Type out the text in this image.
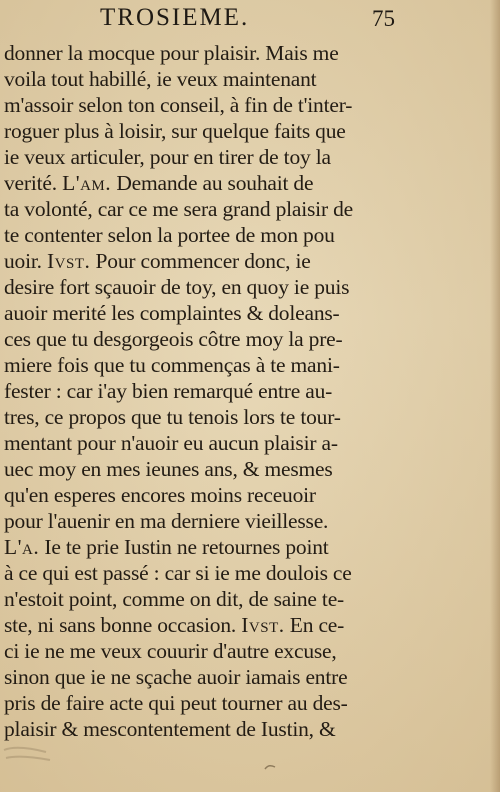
TROSIEME.	75
donner la mocque pour plaisir. Mais me
voila tout habillé, ie veux maintenant
m'assoir selon ton conseil, à fin de t'inter-
roguer plus à loisir, sur quelque faits que
ie veux articuler, pour en tirer de toy la
verité. L'am. Demande au souhait de
ta volonté, car ce me sera grand plaisir de
te contenter selon la portee de mon pou
uoir. Ivst. Pour commencer donc, ie
desire fort sçauoir de toy, en quoy ie puis
auoir merité les complaintes & doleans-
ces que tu desgorgeois côtre moy la pre-
miere fois que tu commenças à te mani-
fester : car i'ay bien remarqué entre au-
tres, ce propos que tu tenois lors te tour-
mentant pour n'auoir eu aucun plaisir a-
uec moy en mes ieunes ans, & mesmes
qu'en esperes encores moins receuoir
pour l'auenir en ma derniere vieillesse.
L'a. Ie te prie Iustin ne retournes point
à ce qui est passé : car si ie me doulois ce
n'estoit point, comme on dit, de saine te-
ste, ni sans bonne occasion. Ivst. En ce-
ci ie ne me veux couurir d'autre excuse,
sinon que ie ne sçache auoir iamais entre
pris de faire acte qui peut tourner au des-
plaisir & mescontentement de Iustin, &
